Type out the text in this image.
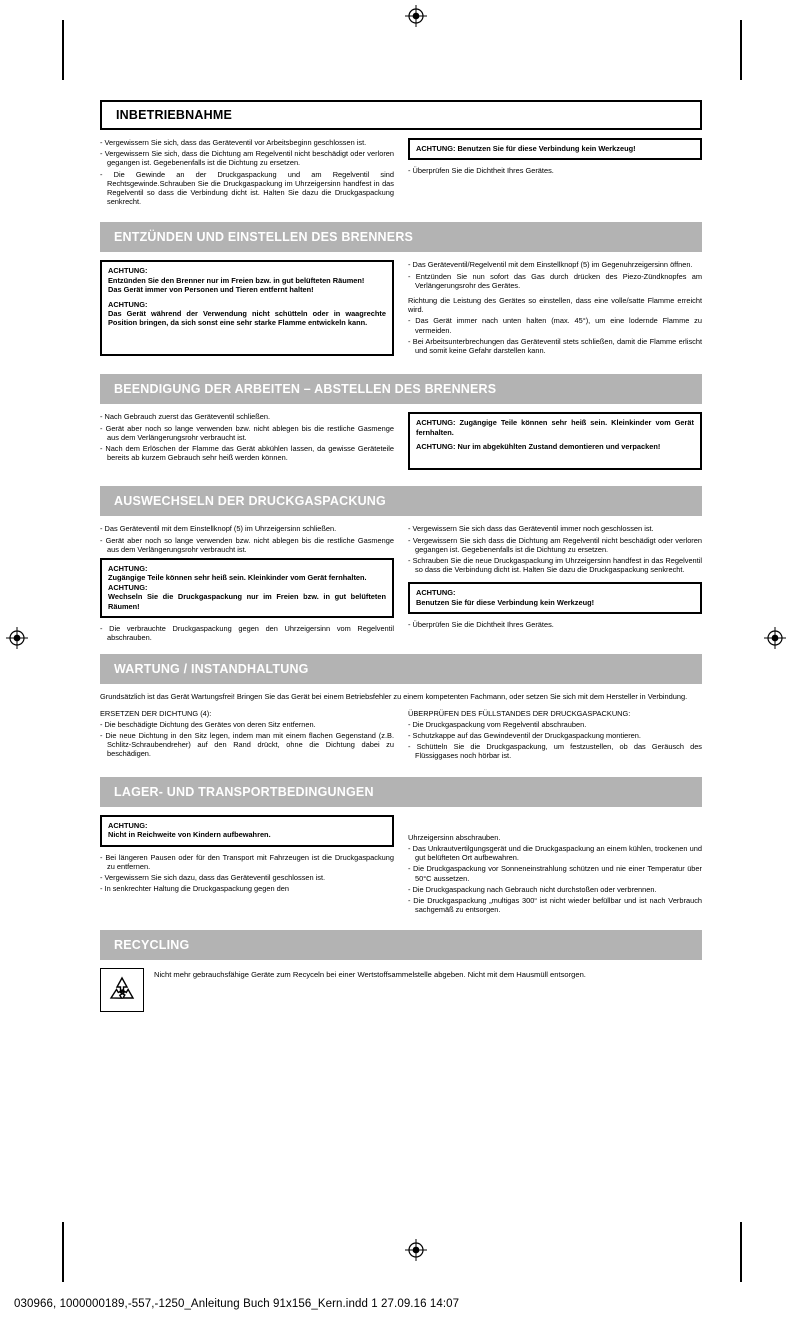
INBETRIEBNAHME

- Vergewissern Sie sich, dass das Geräteventil vor Arbeitsbeginn geschlossen ist.

- Vergewissern Sie sich, dass die Dichtung am Regelventil nicht beschädigt oder verloren gegangen ist. Gegebenenfalls ist die Dichtung zu ersetzen.

- Die Gewinde an der Druckgaspackung und am Regelventil sind Rechtsgewinde.Schrauben Sie die Druckgaspackung im Uhrzeigersinn handfest in das Regelventil so dass die Verbindung dicht ist. Halten Sie dazu die Druckgaspackung senkrecht.

ACHTUNG: Benutzen Sie für diese Verbindung kein Werkzeug!

- Überprüfen Sie die Dichtheit Ihres Gerätes.

ENTZÜNDEN UND EINSTELLEN DES BRENNERS

ACHTUNG:

Entzünden Sie den Brenner nur im Freien bzw. in gut belüfteten Räumen!

Das Gerät immer von Personen und Tieren entfernt halten!

ACHTUNG:

Das Gerät während der Verwendung nicht schütteln oder in waagrechte Position bringen, da sich sonst eine sehr starke Flamme entwickeln kann.

- Das Geräteventil/Regelventil mit dem Einstellknopf (5) im Gegenuhrzeigersinn öffnen.

- Entzünden Sie nun sofort das Gas durch drücken des Piezo-Zündknopfes am Verlängerungsrohr des Gerätes.

Richtung die Leistung des Gerätes so einstellen, dass eine volle/satte Flamme erreicht wird.

- Das Gerät immer nach unten halten (max. 45°), um eine lodernde Flamme zu vermeiden.

- Bei Arbeitsunterbrechungen das Geräteventil stets schließen, damit die Flamme erlischt und somit keine Gefahr darstellen kann.

BEENDIGUNG DER ARBEITEN – ABSTELLEN DES BRENNERS

- Nach Gebrauch zuerst das Geräteventil schließen.

- Gerät aber noch so lange verwenden bzw. nicht ablegen bis die restliche Gasmenge aus dem Verlängerungsrohr verbraucht ist.

- Nach dem Erlöschen der Flamme das Gerät abkühlen lassen, da gewisse Geräteteile bereits ab kurzem Gebrauch sehr heiß werden können.

ACHTUNG: Zugängige Teile können sehr heiß sein. Kleinkinder vom Gerät fernhalten.

ACHTUNG: Nur im abgekühlten Zustand demontieren und verpacken!

AUSWECHSELN DER DRUCKGASPACKUNG

- Das Geräteventil mit dem Einstellknopf (5) im Uhrzeigersinn schließen.

- Gerät aber noch so lange verwenden bzw. nicht ablegen bis die restliche Gasmenge aus dem Verlängerungsrohr verbraucht ist.

ACHTUNG:

Zugängige Teile können sehr heiß sein. Kleinkinder vom Gerät fernhalten.

ACHTUNG:

Wechseln Sie die Druckgaspackung nur im Freien bzw. in gut belüfteten Räumen!

- Die verbrauchte Druckgaspackung gegen den Uhrzeigersinn vom Regelventil abschrauben.

- Vergewissern Sie sich dass das Geräteventil immer noch geschlossen ist.

- Vergewissern Sie sich dass die Dichtung am Regelventil nicht beschädigt oder verloren gegangen ist. Gegebenenfalls ist die Dichtung zu ersetzen.

- Schrauben Sie die neue Druckgaspackung im Uhrzeigersinn handfest in das Regelventil so dass die Verbindung dicht ist. Halten Sie dazu die Druckgaspackung senkrecht.

ACHTUNG:

Benutzen Sie für diese Verbindung kein Werkzeug!

- Überprüfen Sie die Dichtheit Ihres Gerätes.

WARTUNG / INSTANDHALTUNG

Grundsätzlich ist das Gerät Wartungsfrei! Bringen Sie das Gerät bei einem Betriebsfehler zu einem kompetenten Fachmann, oder setzen Sie sich mit dem Hersteller in Verbindung.

ERSETZEN DER DICHTUNG (4):

- Die beschädigte Dichtung des Gerätes von deren Sitz entfernen.

- Die neue Dichtung in den Sitz legen, indem man mit einem flachen Gegenstand (z.B. Schlitz-Schraubendreher) auf den Rand drückt, ohne die Dichtung dabei zu beschädigen.

ÜBERPRÜFEN DES FÜLLSTANDES DER DRUCKGASPACKUNG:

- Die Druckgaspackung vom Regelventil abschrauben.

- Schutzkappe auf das Gewindeventil der Druckgaspackung montieren.

- Schütteln Sie die Druckgaspackung, um festzustellen, ob das Geräusch des Flüssiggases noch hörbar ist.

LAGER- UND TRANSPORTBEDINGUNGEN

ACHTUNG:

Nicht in Reichweite von Kindern aufbewahren.

- Bei längeren Pausen oder für den Transport mit Fahrzeugen ist die Druckgaspackung zu entfernen.

- Vergewissern Sie sich dazu, dass das Geräteventil geschlossen ist.

- In senkrechter Haltung die Druckgaspackung gegen den

Uhrzeigersinn abschrauben.

- Das Unkrautvertilgungsgerät und die Druckgaspackung an einem kühlen, trockenen und gut belüfteten Ort aufbewahren.

- Die Druckgaspackung vor Sonneneinstrahlung schützen und nie einer Temperatur über 50°C aussetzen.

- Die Druckgaspackung nach Gebrauch nicht durchstoßen oder verbrennen.

- Die Druckgaspackung „multigas 300“ ist nicht wieder befüllbar und ist nach Verbrauch sachgemäß zu entsorgen.

RECYCLING
Nicht mehr gebrauchsfähige Geräte zum Recyceln bei einer Wertstoffsammelstelle abgeben. Nicht mit dem Hausmüll entsorgen.
030966, 1000000189,-557,-1250_Anleitung Buch 91x156_Kern.indd 1 27.09.16 14:07
